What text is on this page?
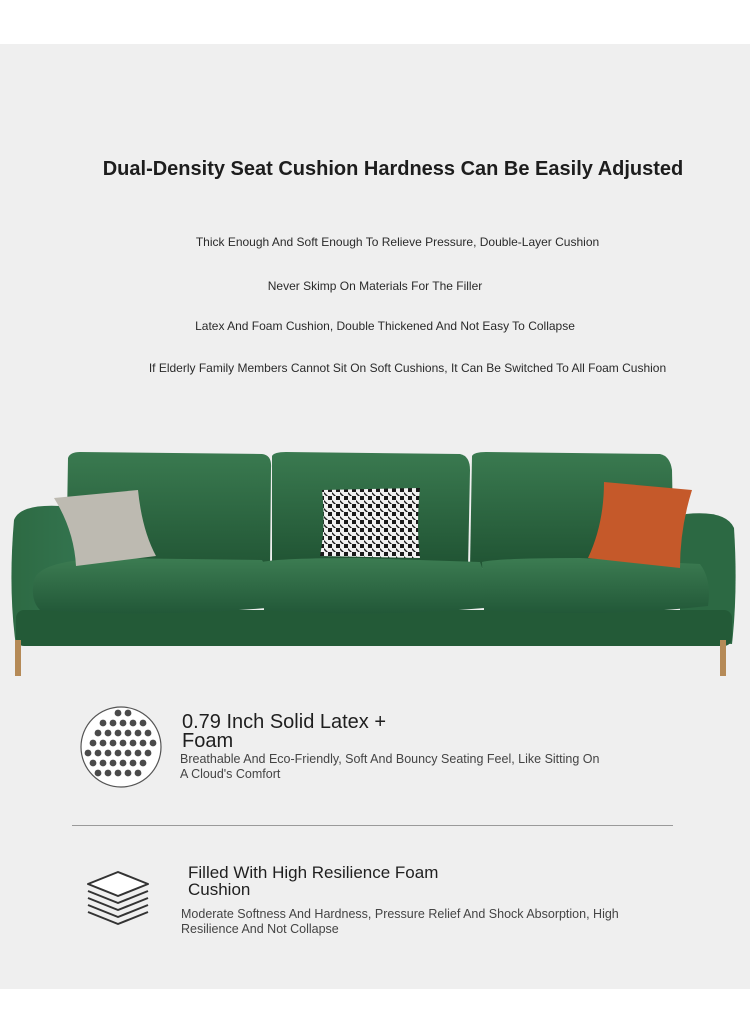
Dual-Density Seat Cushion Hardness Can Be Easily Adjusted
Thick Enough And Soft Enough To Relieve Pressure, Double-Layer Cushion
Never Skimp On Materials For The Filler
Latex And Foam Cushion, Double Thickened And Not Easy To Collapse
If Elderly Family Members Cannot Sit On Soft Cushions, It Can Be Switched To All Foam Cushion
0.79 Inch Solid Latex +
Foam
Breathable And Eco-Friendly, Soft And Bouncy Seating Feel, Like Sitting On
A Cloud's Comfort
Filled With High Resilience Foam
Cushion
Moderate Softness And Hardness, Pressure Relief And Shock Absorption, High
Resilience And Not Collapse
